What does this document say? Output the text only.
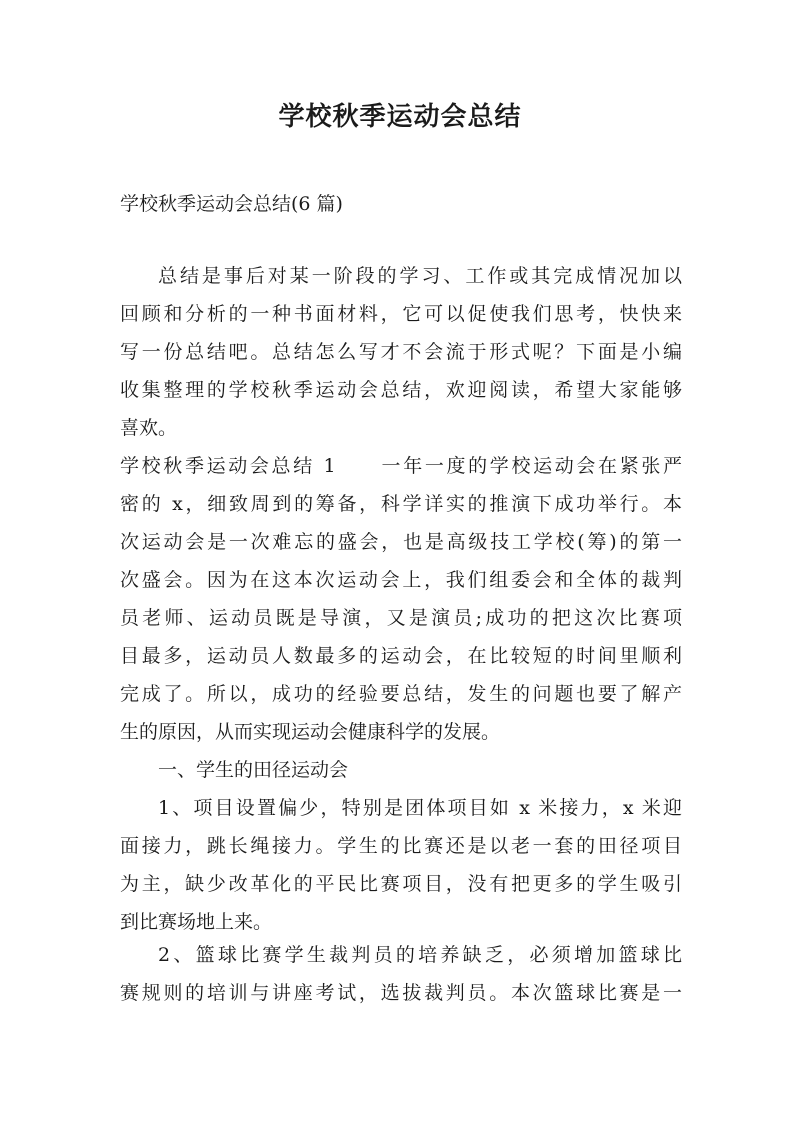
学校秋季运动会总结
学校秋季运动会总结(6 篇)
总结是事后对某一阶段的学习、工作或其完成情况加以
回顾和分析的一种书面材料，它可以促使我们思考，快快来
写一份总结吧。总结怎么写才不会流于形式呢？下面是小编
收集整理的学校秋季运动会总结，欢迎阅读，希望大家能够
喜欢。
学校秋季运动会总结 1　　一年一度的学校运动会在紧张严
密的 x，细致周到的筹备，科学详实的推演下成功举行。本
次运动会是一次难忘的盛会，也是高级技工学校(筹)的第一
次盛会。因为在这本次运动会上，我们组委会和全体的裁判
员老师、运动员既是导演，又是演员;成功的把这次比赛项
目最多，运动员人数最多的运动会，在比较短的时间里顺利
完成了。所以，成功的经验要总结，发生的问题也要了解产
生的原因，从而实现运动会健康科学的发展。
一、学生的田径运动会
1、项目设置偏少，特别是团体项目如 x 米接力，x 米迎
面接力，跳长绳接力。学生的比赛还是以老一套的田径项目
为主，缺少改革化的平民比赛项目，没有把更多的学生吸引
到比赛场地上来。
2、篮球比赛学生裁判员的培养缺乏，必须增加篮球比
赛规则的培训与讲座考试，选拔裁判员。本次篮球比赛是一
